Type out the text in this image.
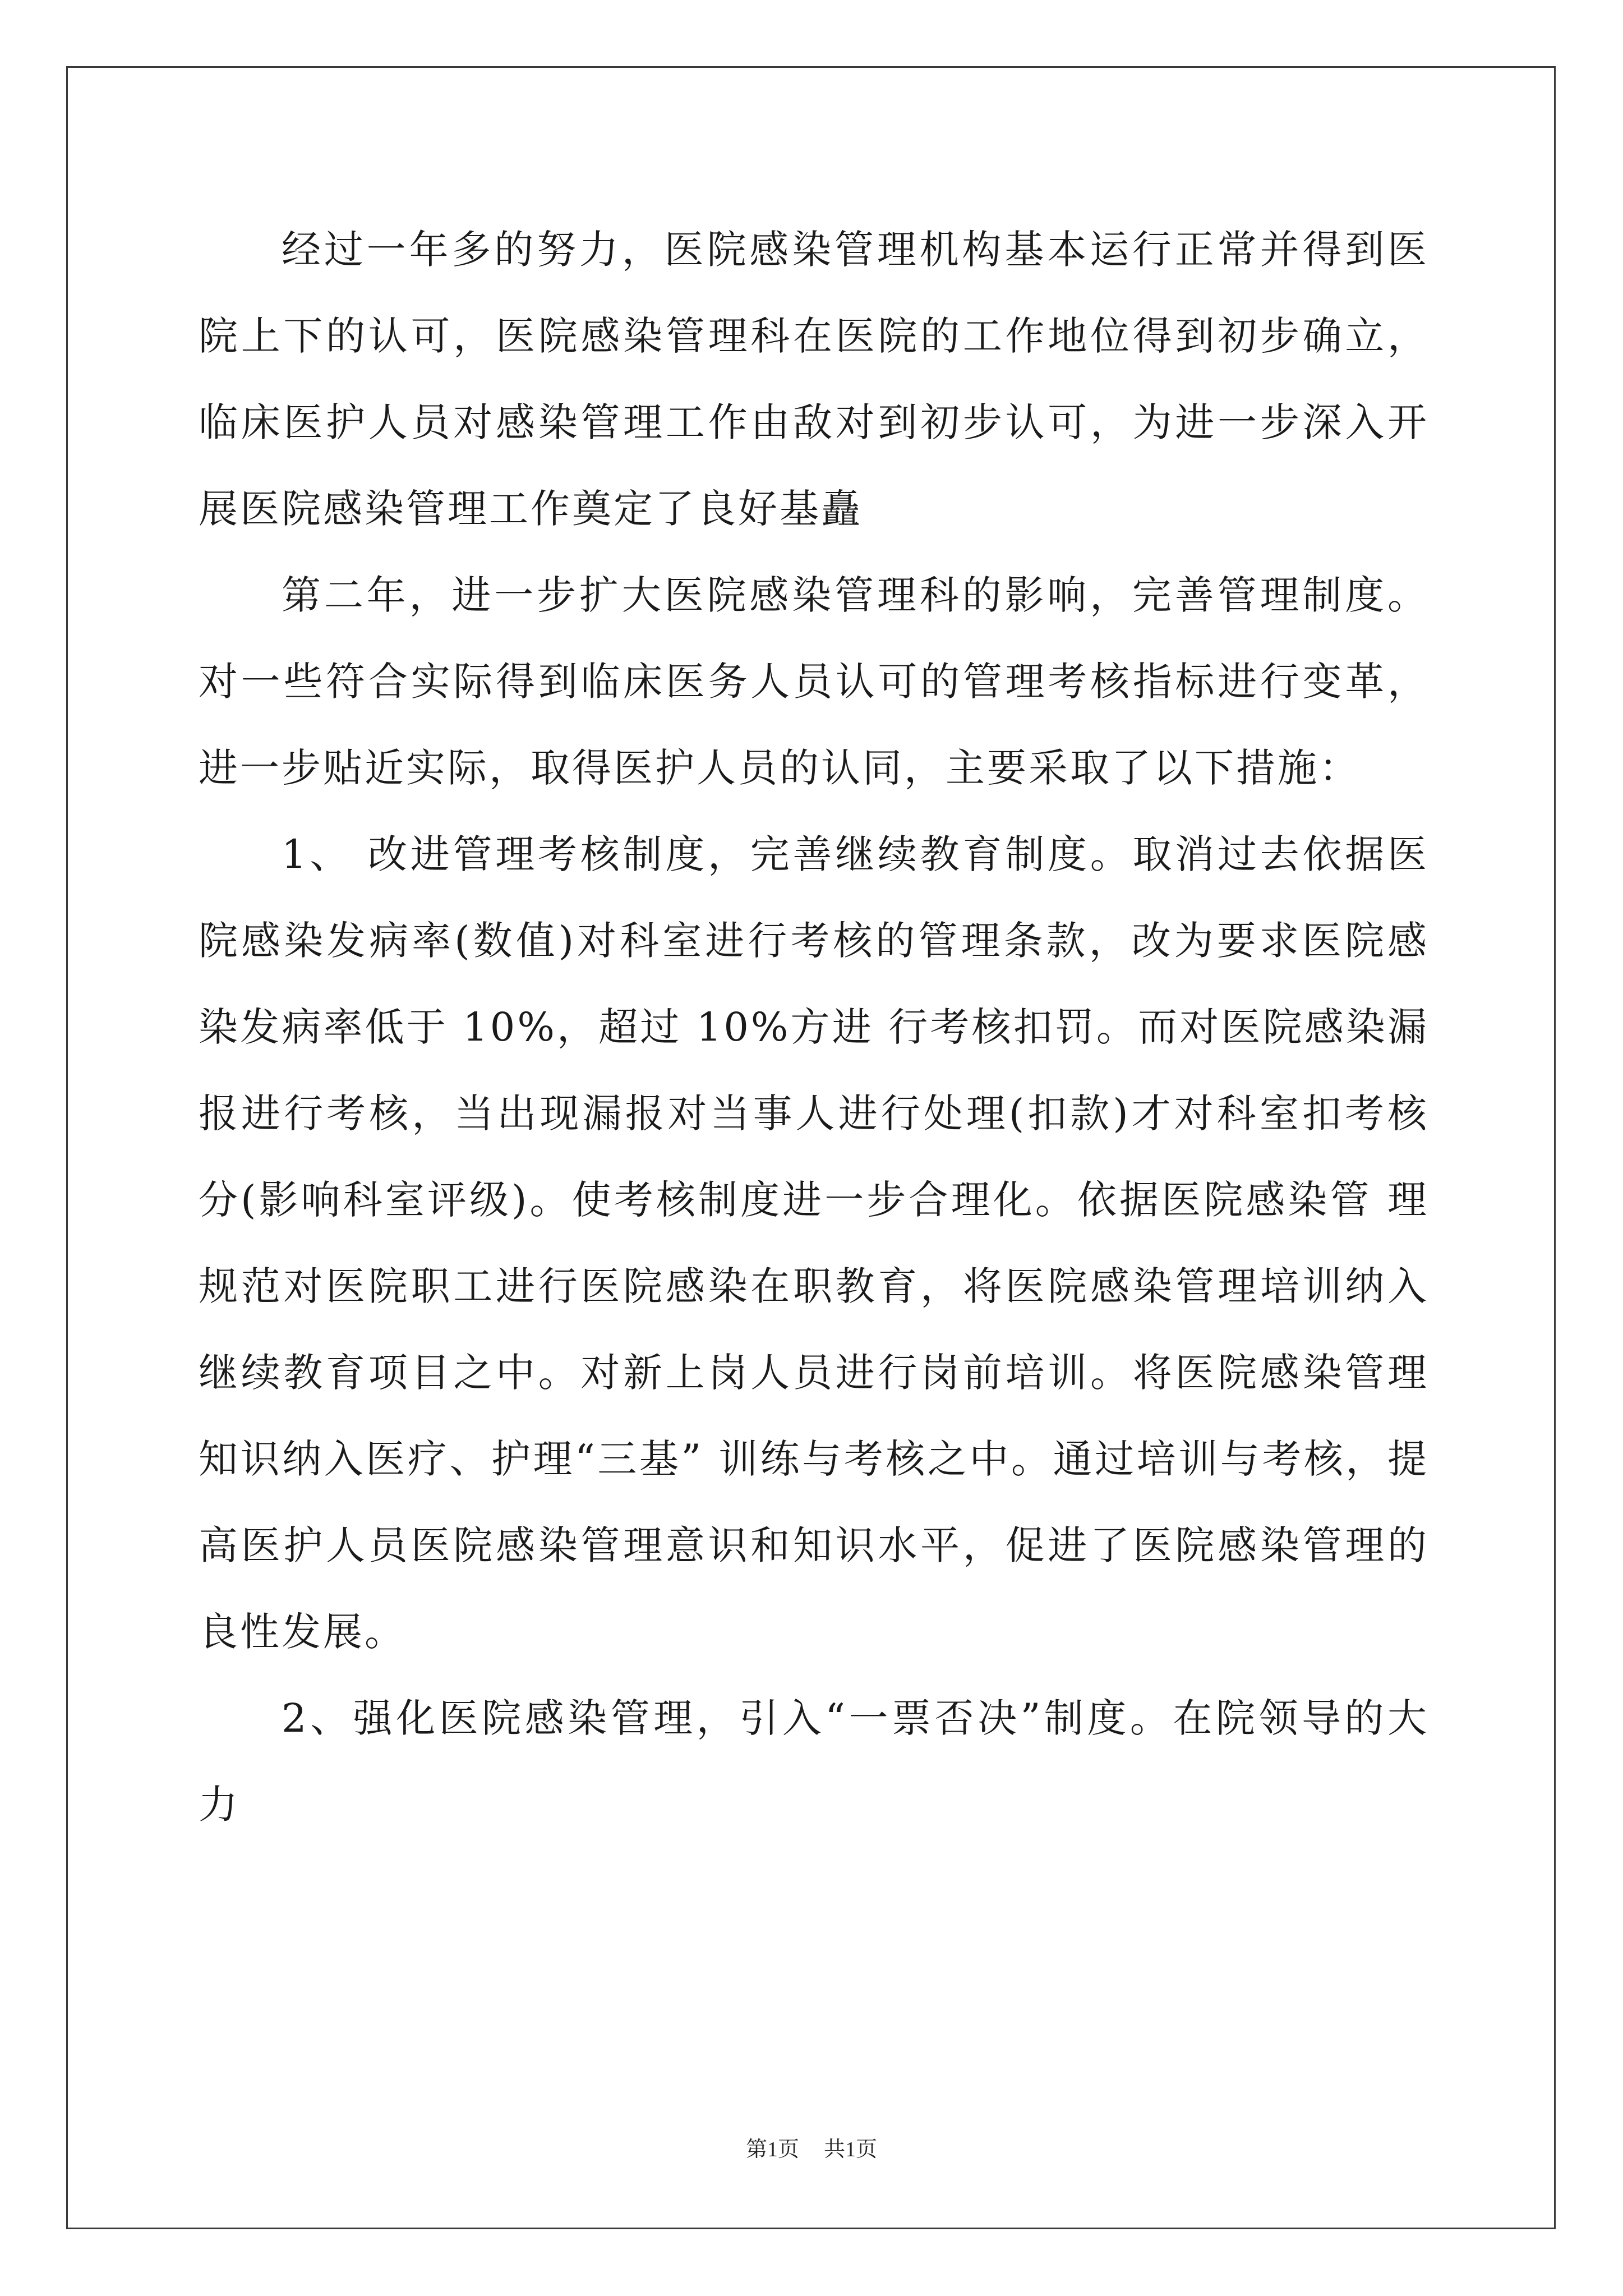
经过一年多的努力，医院感染管理机构基本运行正常并得到医院上下的认可，医院感染管理科在医院的工作地位得到初步确立，临床医护人员对感染管理工作由敌对到初步认可，为进一步深入开展医院感染管理工作奠定了良好基矗

第二年，进一步扩大医院感染管理科的影响，完善管理制度。对一些符合实际得到临床医务人员认可的管理考核指标进行变革，进一步贴近实际，取得医护人员的认同，主要采取了以下措施：

1、 改进管理考核制度，完善继续教育制度。取消过去依据医院感染发病率(数值)对科室进行考核的管理条款，改为要求医院感染发病率低于 10%，超过 10%方进 行考核扣罚。而对医院感染漏报进行考核，当出现漏报对当事人进行处理(扣款)才对科室扣考核分(影响科室评级)。使考核制度进一步合理化。依据医院感染管 理规范对医院职工进行医院感染在职教育，将医院感染管理培训纳入继续教育项目之中。对新上岗人员进行岗前培训。将医院感染管理知识纳入医疗、护理“三基” 训练与考核之中。通过培训与考核，提高医护人员医院感染管理意识和知识水平，促进了医院感染管理的良性发展。

2、强化医院感染管理，引入“一票否决”制度。在院领导的大力

第1页 共1页
